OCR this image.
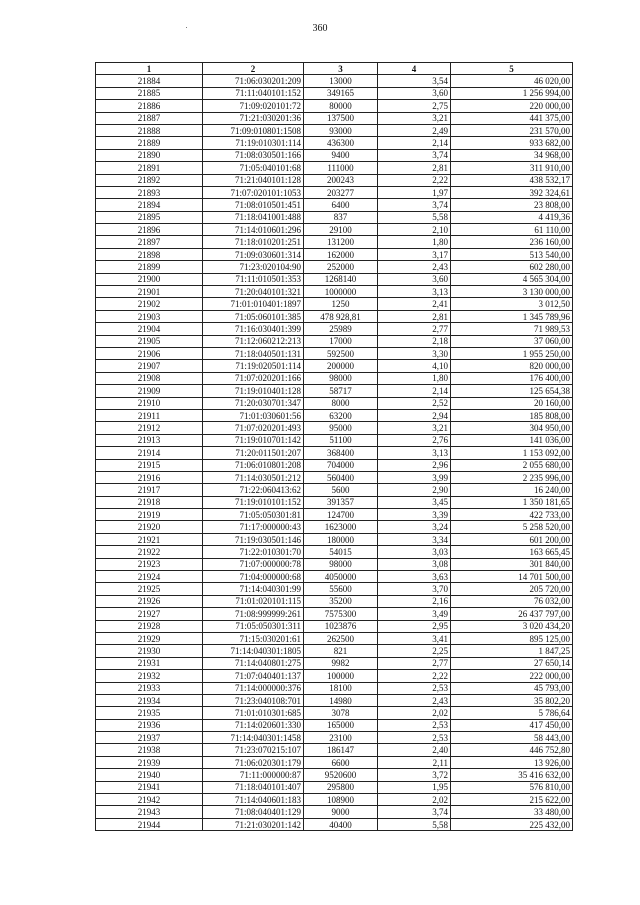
360
1	2	3	4	5
21884	71:06:030201:209	13000	3,54	46 020,00
21885	71:11:040101:152	349165	3,60	1 256 994,00
21886	71:09:020101:72	80000	2,75	220 000,00
21887	71:21:030201:36	137500	3,21	441 375,00
21888	71:09:010801:1508	93000	2,49	231 570,00
21889	71:19:010301:114	436300	2,14	933 682,00
21890	71:08:030501:166	9400	3,74	34 968,00
21891	71:05:040101:68	111000	2,81	311 910,00
21892	71:21:040101:128	200243	2,22	438 532,17
21893	71:07:020101:1053	203277	1,97	392 324,61
21894	71:08:010501:451	6400	3,74	23 808,00
21895	71:18:041001:488	837	5,58	4 419,36
21896	71:14:010601:296	29100	2,10	61 110,00
21897	71:18:010201:251	131200	1,80	236 160,00
21898	71:09:030601:314	162000	3,17	513 540,00
21899	71:23:020104:90	252000	2,43	602 280,00
21900	71:11:010501:353	1268140	3,60	4 565 304,00
21901	71:20:040101:321	1000000	3,13	3 130 000,00
21902	71:01:010401:1897	1250	2,41	3 012,50
21903	71:05:060101:385	478 928,81	2,81	1 345 789,96
21904	71:16:030401:399	25989	2,77	71 989,53
21905	71:12:060212:213	17000	2,18	37 060,00
21906	71:18:040501:131	592500	3,30	1 955 250,00
21907	71:19:020501:114	200000	4,10	820 000,00
21908	71:07:020201:166	98000	1,80	176 400,00
21909	71:19:010401:128	58717	2,14	125 654,38
21910	71:20:030701:347	8000	2,52	20 160,00
21911	71:01:030601:56	63200	2,94	185 808,00
21912	71:07:020201:493	95000	3,21	304 950,00
21913	71:19:010701:142	51100	2,76	141 036,00
21914	71:20:011501:207	368400	3,13	1 153 092,00
21915	71:06:010801:208	704000	2,96	2 055 680,00
21916	71:14:030501:212	560400	3,99	2 235 996,00
21917	71:22:060413:62	5600	2,90	16 240,00
21918	71:19:010101:152	391357	3,45	1 350 181,65
21919	71:05:050301:81	124700	3,39	422 733,00
21920	71:17:000000:43	1623000	3,24	5 258 520,00
21921	71:19:030501:146	180000	3,34	601 200,00
21922	71:22:010301:70	54015	3,03	163 665,45
21923	71:07:000000:78	98000	3,08	301 840,00
21924	71:04:000000:68	4050000	3,63	14 701 500,00
21925	71:14:040301:99	55600	3,70	205 720,00
21926	71:01:020101:115	35200	2,16	76 032,00
21927	71:08:999999:261	7575300	3,49	26 437 797,00
21928	71:05:050301:311	1023876	2,95	3 020 434,20
21929	71:15:030201:61	262500	3,41	895 125,00
21930	71:14:040301:1805	821	2,25	1 847,25
21931	71:14:040801:275	9982	2,77	27 650,14
21932	71:07:040401:137	100000	2,22	222 000,00
21933	71:14:000000:376	18100	2,53	45 793,00
21934	71:23:040108:701	14980	2,43	35 802,20
21935	71:01:010301:685	3078	2,02	5 786,64
21936	71:14:020601:330	165000	2,53	417 450,00
21937	71:14:040301:1458	23100	2,53	58 443,00
21938	71:23:070215:107	186147	2,40	446 752,80
21939	71:06:020301:179	6600	2,11	13 926,00
21940	71:11:000000:87	9520600	3,72	35 416 632,00
21941	71:18:040101:407	295800	1,95	576 810,00
21942	71:14:040601:183	108900	2,02	215 622,00
21943	71:08:040401:129	9000	3,74	33 480,00
21944	71:21:030201:142	40400	5,58	225 432,00
